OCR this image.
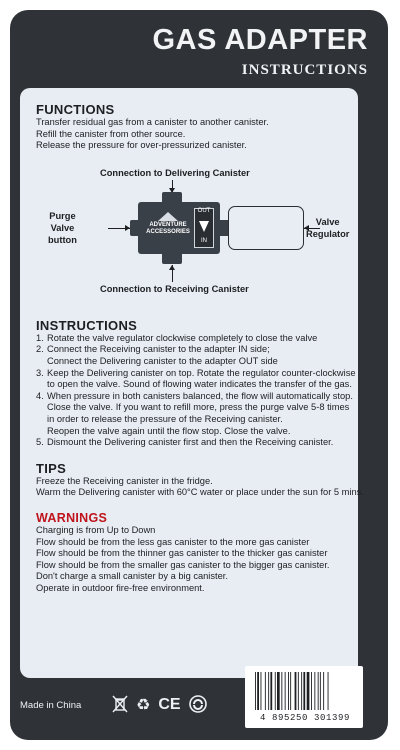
GAS ADAPTER
INSTRUCTIONS
FUNCTIONS
Transfer residual gas from a canister to another canister.
Refill the canister from other source.
Release the pressure for over-pressurized canister.
Connection to Delivering Canister
Connection to Receiving Canister
Purge
Valve
button
Valve
Regulator
ADVENTURE
ACCESSORIES
OUT
IN
INSTRUCTIONS
1. Rotate the valve regulator clockwise completely to close the valve
2. Connect the Receiving canister to the adapter IN side;
Connect the Delivering canister to the adapter OUT side
3. Keep the Delivering canister on top. Rotate the regulator counter-clockwise
to open the valve. Sound of flowing water indicates the transfer of the gas.
4. When pressure in both canisters balanced, the flow will automatically stop.
Close the valve. If you want to refill more, press the purge valve 5-8 times
in order to release the pressure of the Receiving canister.
Reopen the valve again until the flow stop. Close the valve.
5. Dismount the Delivering canister first and then the Receiving canister.
TIPS
Freeze the Receiving canister in the fridge.
Warm the Delivering canister with 60°C water or place under the sun for 5 mins.
WARNINGS
Charging is from Up to Down
Flow should be from the less gas canister to the more gas canister
Flow should be from the thinner gas canister to the thicker gas canister
Flow should be from the smaller gas canister to the bigger gas canister.
Don't charge a small canister by a big canister.
Operate in outdoor fire-free environment.
Made in China	♻ CE
4 895250 301399
